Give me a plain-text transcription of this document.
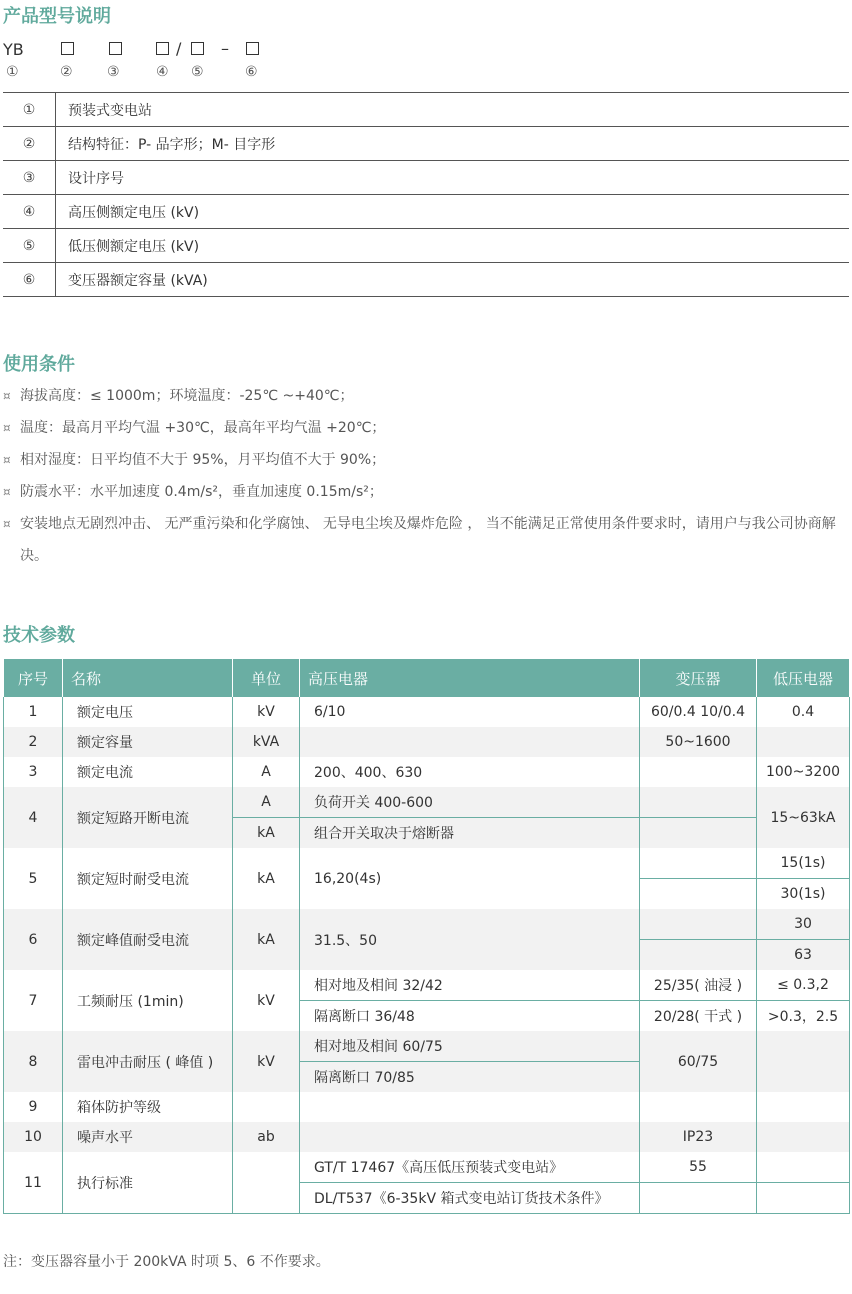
产品型号说明
YB	/ –
①	② ③	④ ⑤	⑥
①	预装式变电站
②	结构特征：P- 品字形；M- 目字形
③	设计序号
④	高压侧额定电压 (kV)
⑤	低压侧额定电压 (kV)
⑥	变压器额定容量 (kVA)
使用条件
¤ 海拔高度：≤ 1000m；环境温度：-25℃ ~+40℃；
¤ 温度：最高月平均气温 +30℃，最高年平均气温 +20℃；
¤ 相对湿度：日平均值不大于 95%，月平均值不大于 90%；
¤ 防震水平：水平加速度 0.4m/s²，垂直加速度 0.15m/s²；
¤ 安装地点无剧烈冲击、 无严重污染和化学腐蚀、 无导电尘埃及爆炸危险 ， 当不能满足正常使用条件要求时，请用户与我公司协商解决。
技术参数
序号	名称	单位	高压电器	变压器	低压电器
1	额定电压	kV	6/10	60/0.4 10/0.4	0.4
2	额定容量	kVA		50~1600	
3	额定电流	A	200、400、630		100~3200
4	额定短路开断电流	A	负荷开关 400-600		15~63kA
		kA	组合开关取决于熔断器		
5	额定短时耐受电流	kA	16,20(4s)		15(1s)
					30(1s)
6	额定峰值耐受电流	kA	31.5、50		30
					63
7	工频耐压 (1min)	kV	相对地及相间 32/42	25/35( 油浸 )	≤ 0.3,2
			隔离断口 36/48	20/28( 干式 )	>0.3，2.5
8	雷电冲击耐压 ( 峰值 )	kV	相对地及相间 60/75	60/75	
			隔离断口 70/85		
9	箱体防护等级				
10	噪声水平	ab		IP23	
11	执行标准		GT/T 17467《高压低压预装式变电站》	55	
			DL/T537《6-35kV 箱式变电站订货技术条件》		

注：变压器容量小于 200kVA 时项 5、6 不作要求。
